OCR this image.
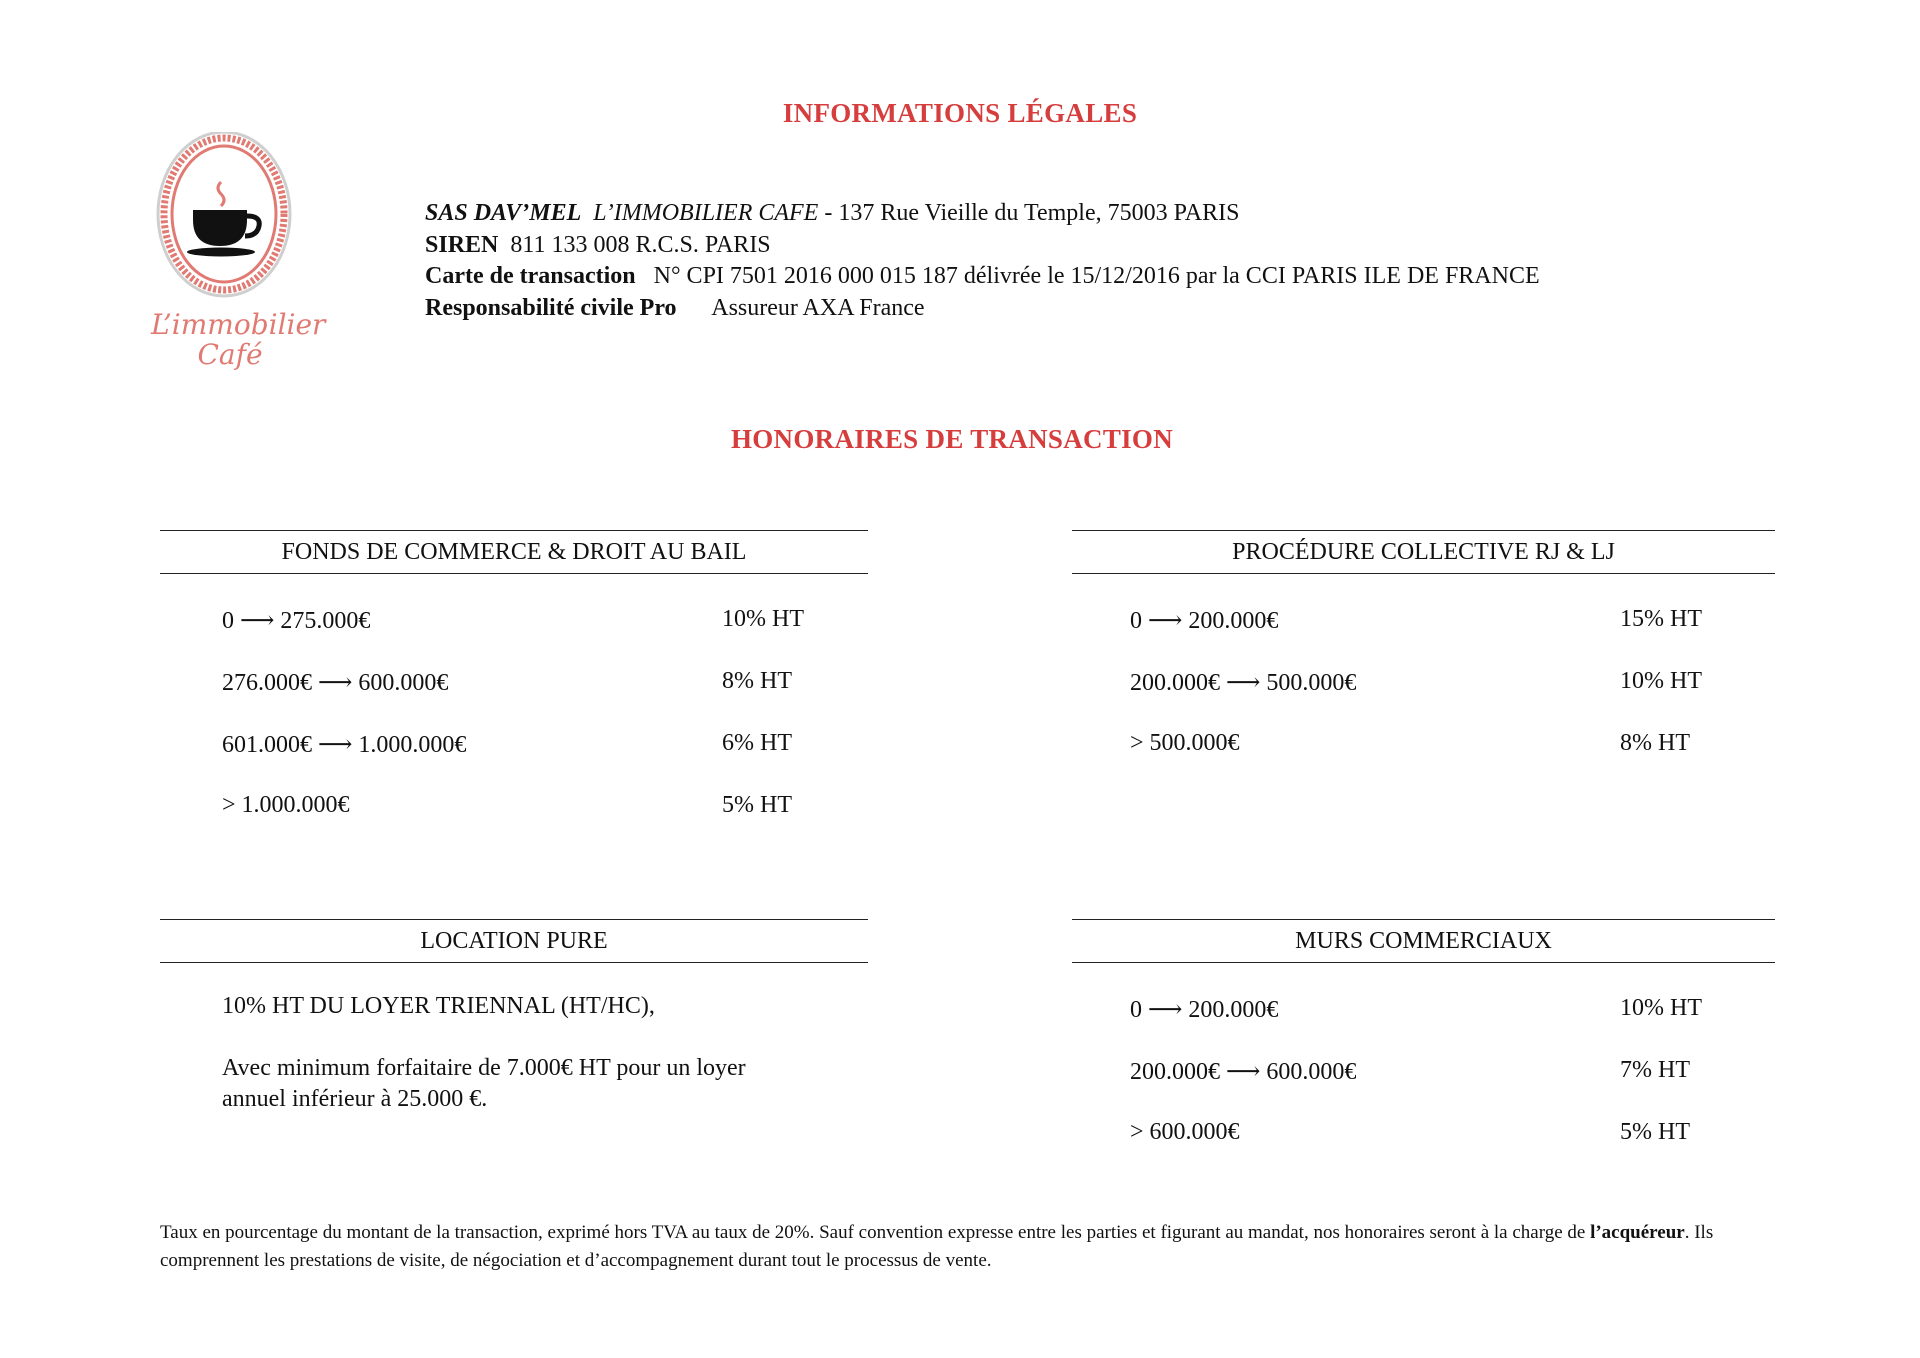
INFORMATIONS LÉGALES
HONORAIRES DE TRANSACTION
L’immobilier
Café
SAS DAV’MEL L’IMMOBILIER CAFE - 137 Rue Vieille du Temple, 75003 PARIS
SIREN 811 133 008 R.C.S. PARIS
Carte de transaction N° CPI 7501 2016 000 015 187 délivrée le 15/12/2016 par la CCI PARIS ILE DE FRANCE
Responsabilité civile Pro Assureur AXA France
FONDS DE COMMERCE & DROIT AU BAIL
0 ⟶ 275.000€	10% HT
276.000€ ⟶ 600.000€	8% HT
601.000€ ⟶ 1.000.000€	6% HT
> 1.000.000€	5% HT
PROCÉDURE COLLECTIVE RJ & LJ
0 ⟶ 200.000€	15% HT
200.000€ ⟶ 500.000€	10% HT
> 500.000€	8% HT
LOCATION PURE
10% HT DU LOYER TRIENNAL (HT/HC),
Avec minimum forfaitaire de 7.000€ HT pour un loyer
annuel inférieur à 25.000 €.
MURS COMMERCIAUX
0 ⟶ 200.000€	10% HT
200.000€ ⟶ 600.000€	7% HT
> 600.000€	5% HT
Taux en pourcentage du montant de la transaction, exprimé hors TVA au taux de 20%. Sauf convention expresse entre les parties et figurant au mandat, nos honoraires seront à la charge de l’acquéreur. Ils comprennent les prestations de visite, de négociation et d’accompagnement durant tout le processus de vente.
